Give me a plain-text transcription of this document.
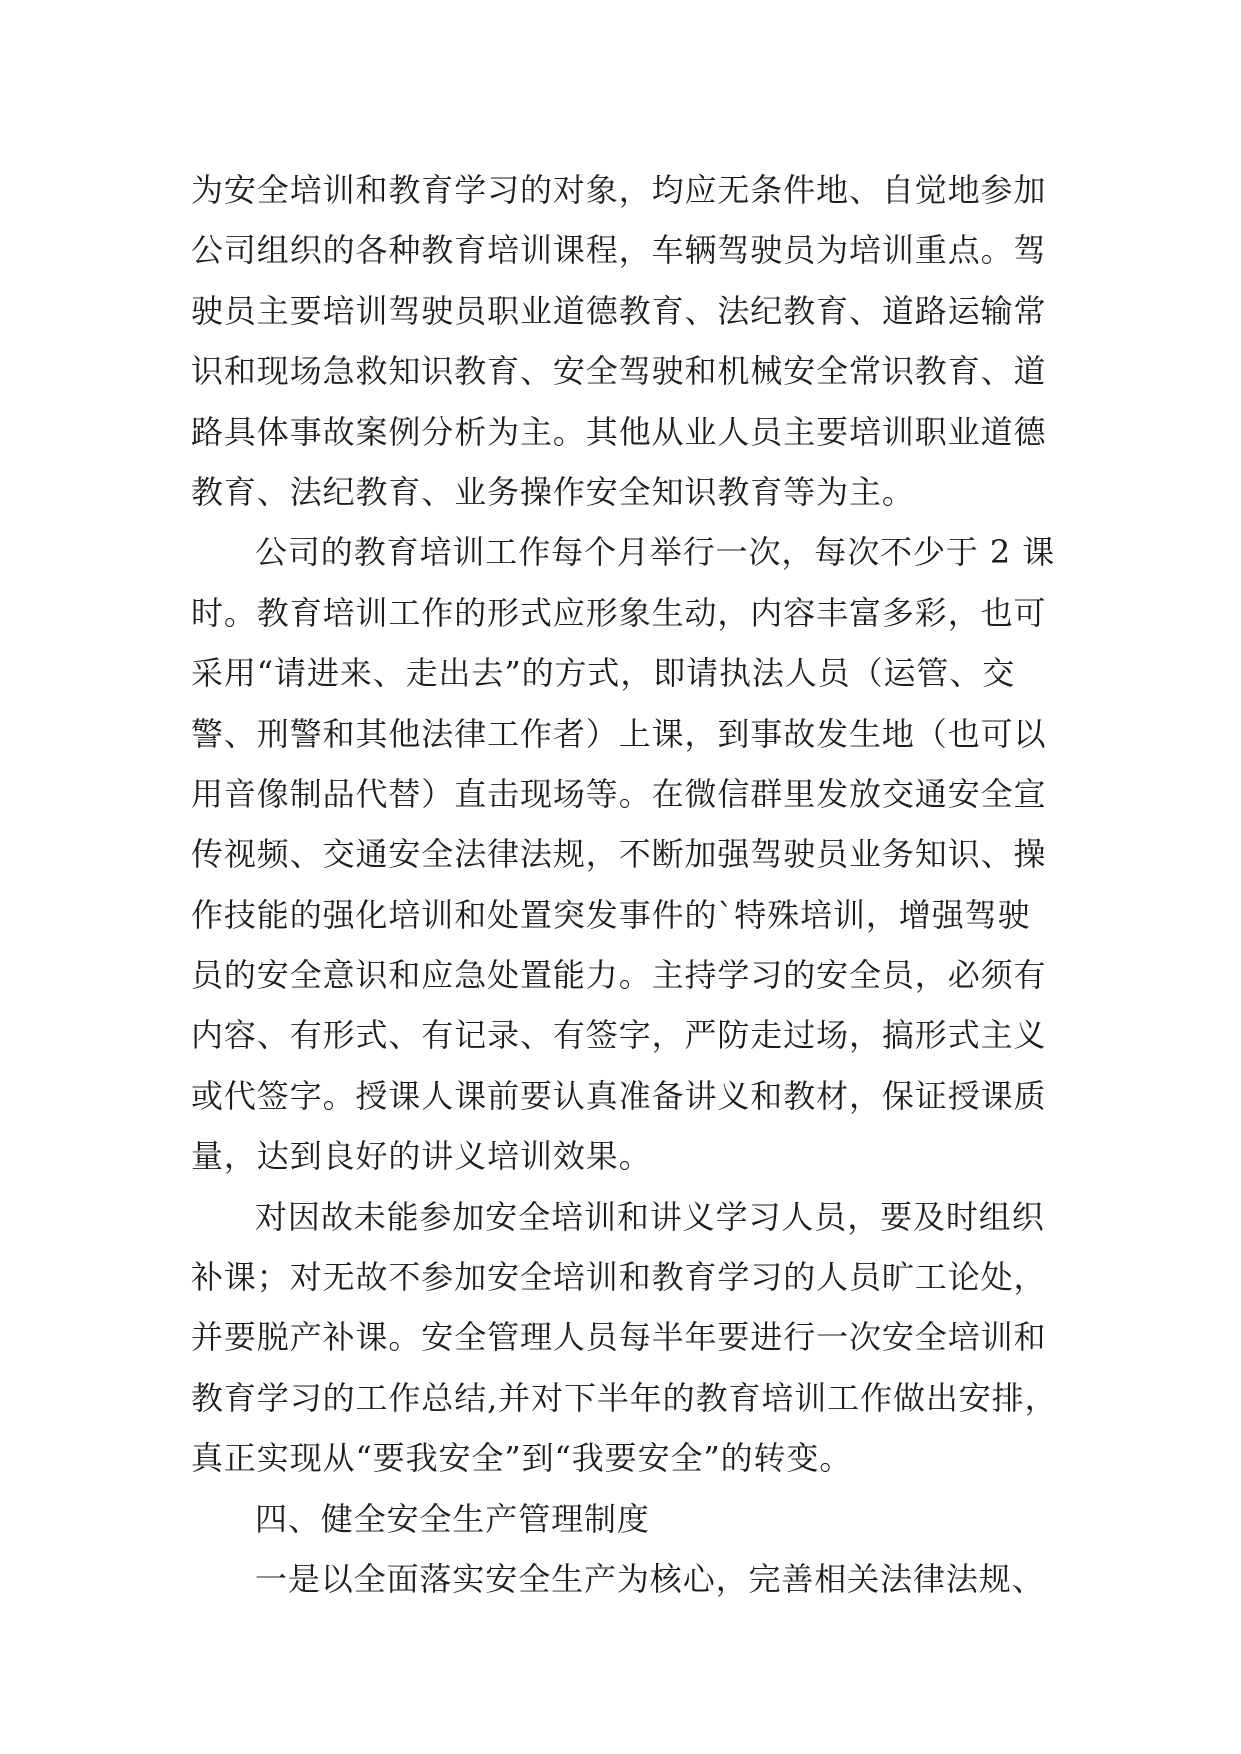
为安全培训和教育学习的对象，均应无条件地、自觉地参加
公司组织的各种教育培训课程，车辆驾驶员为培训重点。驾
驶员主要培训驾驶员职业道德教育、法纪教育、道路运输常
识和现场急救知识教育、安全驾驶和机械安全常识教育、道
路具体事故案例分析为主。其他从业人员主要培训职业道德
教育、法纪教育、业务操作安全知识教育等为主。
公司的教育培训工作每个月举行一次，每次不少于 2 课
时。教育培训工作的形式应形象生动，内容丰富多彩，也可
采用“请进来、走出去”的方式，即请执法人员（运管、交
警、刑警和其他法律工作者）上课，到事故发生地（也可以
用音像制品代替）直击现场等。在微信群里发放交通安全宣
传视频、交通安全法律法规，不断加强驾驶员业务知识、操
作技能的强化培训和处置突发事件的`特殊培训，增强驾驶
员的安全意识和应急处置能力。主持学习的安全员，必须有
内容、有形式、有记录、有签字，严防走过场，搞形式主义
或代签字。授课人课前要认真准备讲义和教材，保证授课质
量，达到良好的讲义培训效果。
对因故未能参加安全培训和讲义学习人员，要及时组织
补课；对无故不参加安全培训和教育学习的人员旷工论处，
并要脱产补课。安全管理人员每半年要进行一次安全培训和
教育学习的工作总结,并对下半年的教育培训工作做出安排，
真正实现从“要我安全”到“我要安全”的转变。
四、健全安全生产管理制度
一是以全面落实安全生产为核心，完善相关法律法规、
